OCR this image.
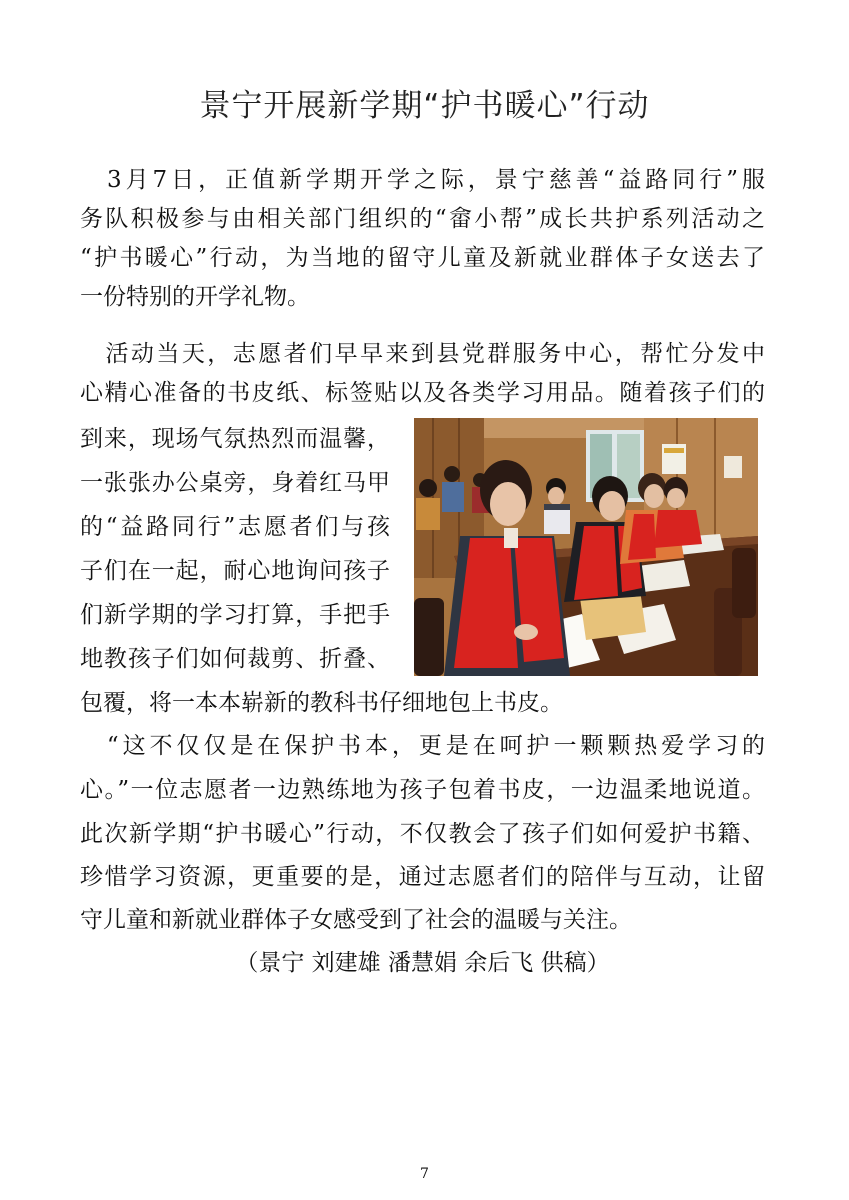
景宁开展新学期“护书暖心”行动
　3月7日，正值新学期开学之际，景宁慈善“益路同行”服
务队积极参与由相关部门组织的“畲小帮”成长共护系列活动之
“护书暖心”行动，为当地的留守儿童及新就业群体子女送去了
一份特别的开学礼物。
　活动当天，志愿者们早早来到县党群服务中心，帮忙分发中
心精心准备的书皮纸、标签贴以及各类学习用品。随着孩子们的
到来，现场气氛热烈而温馨，
一张张办公桌旁，身着红马甲
的“益路同行”志愿者们与孩
子们在一起，耐心地询问孩子
们新学期的学习打算，手把手
地教孩子们如何裁剪、折叠、
包覆，将一本本崭新的教科书仔细地包上书皮。
　“这不仅仅是在保护书本，更是在呵护一颗颗热爱学习的
心。”一位志愿者一边熟练地为孩子包着书皮，一边温柔地说道。
此次新学期“护书暖心”行动，不仅教会了孩子们如何爱护书籍、
珍惜学习资源，更重要的是，通过志愿者们的陪伴与互动，让留
守儿童和新就业群体子女感受到了社会的温暖与关注。
（景宁 刘建雄 潘慧娟 余后飞 供稿）
7
